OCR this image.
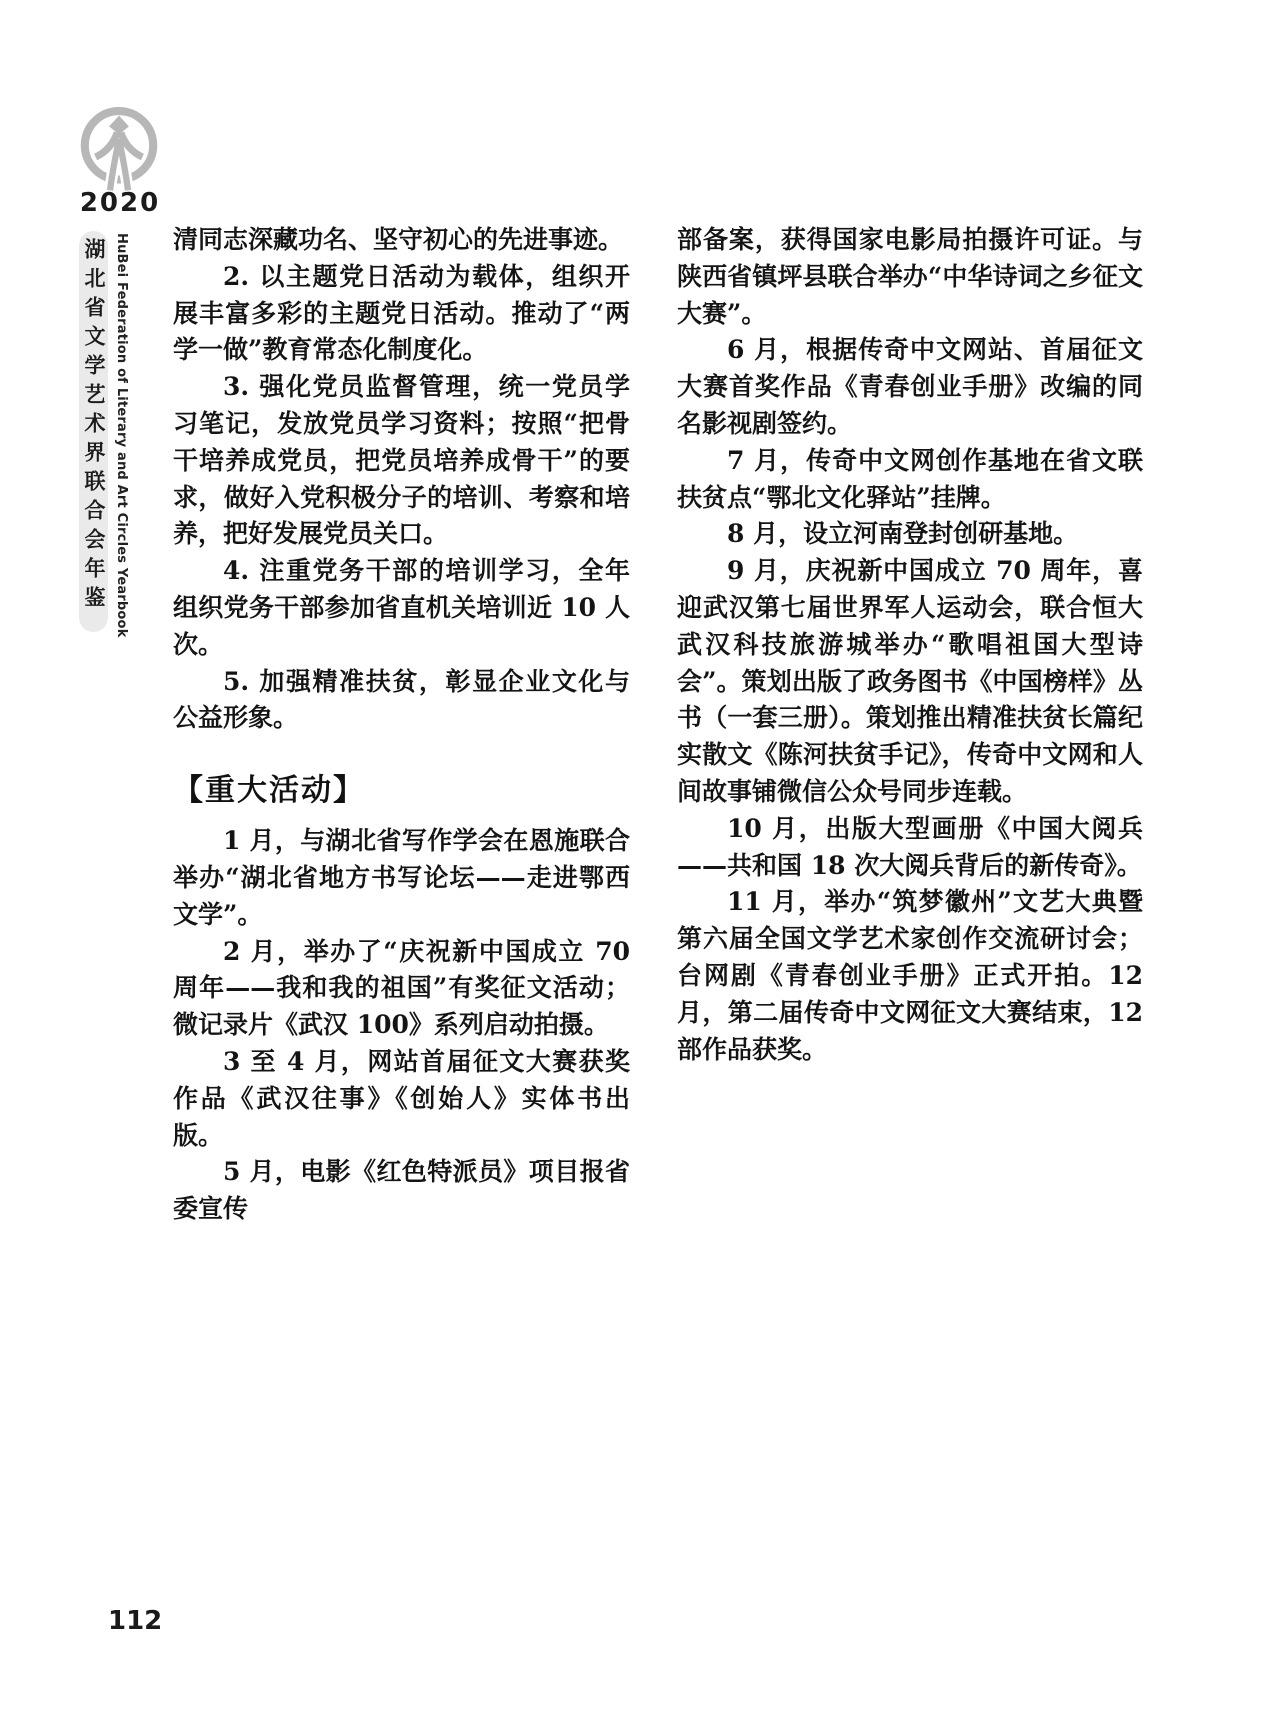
2020
湖北省文学艺术界联合会年鉴 HuBei Federation of Literary and Art Circles Yearbook 清同志深藏功名、坚守初心的先进事迹。

2. 以主题党日活动为载体，组织开展丰富多彩的主题党日活动。推动了“两学一做”教育常态化制度化。

3. 强化党员监督管理，统一党员学习笔记，发放党员学习资料；按照“把骨干培养成党员，把党员培养成骨干”的要求，做好入党积极分子的培训、考察和培养，把好发展党员关口。

4. 注重党务干部的培训学习，全年组织党务干部参加省直机关培训近 10 人次。

5. 加强精准扶贫，彰显企业文化与公益形象。

【重大活动】

1 月，与湖北省写作学会在恩施联合举办“湖北省地方书写论坛——走进鄂西文学”。

2 月，举办了“庆祝新中国成立 70 周年——我和我的祖国”有奖征文活动；微记录片《武汉 100》系列启动拍摄。

3 至 4 月，网站首届征文大赛获奖作品《武汉往事》《创始人》实体书出版。

5 月，电影《红色特派员》项目报省委宣传

部备案，获得国家电影局拍摄许可证。与陕西省镇坪县联合举办“中华诗词之乡征文大赛”。

6 月，根据传奇中文网站、首届征文大赛首奖作品《青春创业手册》改编的同名影视剧签约。

7 月，传奇中文网创作基地在省文联扶贫点“鄂北文化驿站”挂牌。

8 月，设立河南登封创研基地。

9 月，庆祝新中国成立 70 周年，喜迎武汉第七届世界军人运动会，联合恒大武汉科技旅游城举办“歌唱祖国大型诗会”。策划出版了政务图书《中国榜样》丛书（一套三册）。策划推出精准扶贫长篇纪实散文《陈河扶贫手记》，传奇中文网和人间故事铺微信公众号同步连载。

10 月，出版大型画册《中国大阅兵——共和国 18 次大阅兵背后的新传奇》。

11 月，举办“筑梦徽州”文艺大典暨第六届全国文学艺术家创作交流研讨会；台网剧《青春创业手册》正式开拍。12 月，第二届传奇中文网征文大赛结束，12 部作品获奖。

112
